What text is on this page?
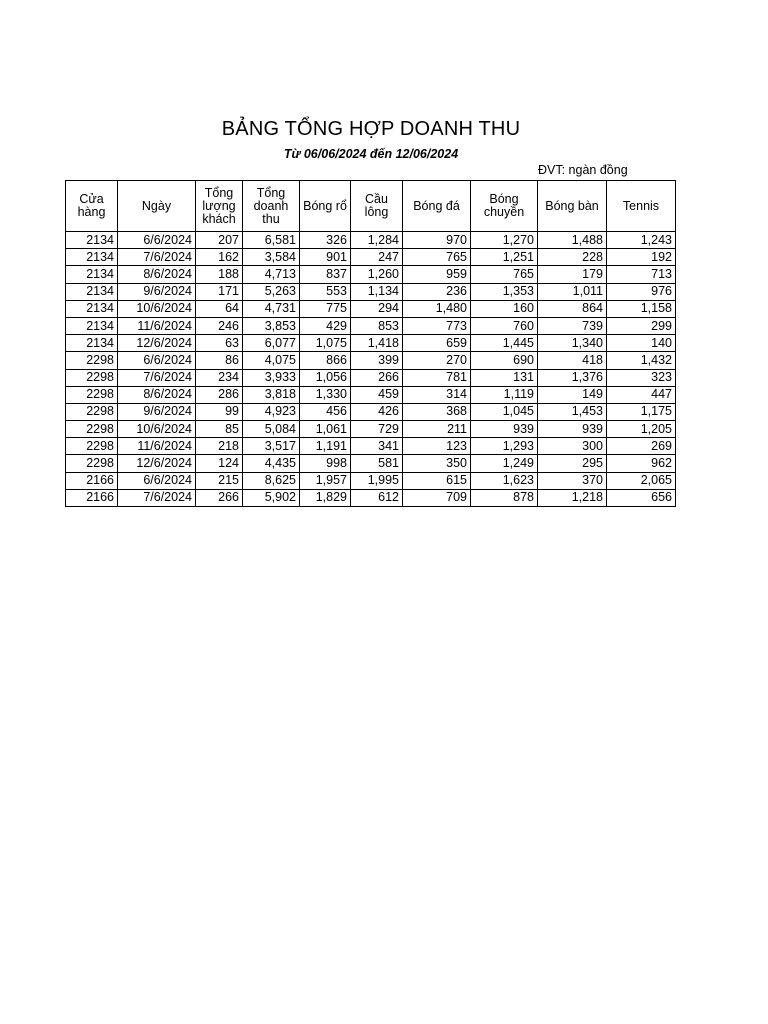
BẢNG TỔNG HỢP DOANH THU
Từ 06/06/2024 đến 12/06/2024
ĐVT: ngàn đồng
Cửa
hàng	Ngày	Tổng
lượng
khách	Tổng
doanh
thu	Bóng rổ	Cầu
lông	Bóng đá	Bóng
chuyền	Bóng bàn	Tennis
2134	6/6/2024	207	6,581	326	1,284	970	1,270	1,488	1,243
2134	7/6/2024	162	3,584	901	247	765	1,251	228	192
2134	8/6/2024	188	4,713	837	1,260	959	765	179	713
2134	9/6/2024	171	5,263	553	1,134	236	1,353	1,011	976
2134	10/6/2024	64	4,731	775	294	1,480	160	864	1,158
2134	11/6/2024	246	3,853	429	853	773	760	739	299
2134	12/6/2024	63	6,077	1,075	1,418	659	1,445	1,340	140
2298	6/6/2024	86	4,075	866	399	270	690	418	1,432
2298	7/6/2024	234	3,933	1,056	266	781	131	1,376	323
2298	8/6/2024	286	3,818	1,330	459	314	1,119	149	447
2298	9/6/2024	99	4,923	456	426	368	1,045	1,453	1,175
2298	10/6/2024	85	5,084	1,061	729	211	939	939	1,205
2298	11/6/2024	218	3,517	1,191	341	123	1,293	300	269
2298	12/6/2024	124	4,435	998	581	350	1,249	295	962
2166	6/6/2024	215	8,625	1,957	1,995	615	1,623	370	2,065
2166	7/6/2024	266	5,902	1,829	612	709	878	1,218	656
